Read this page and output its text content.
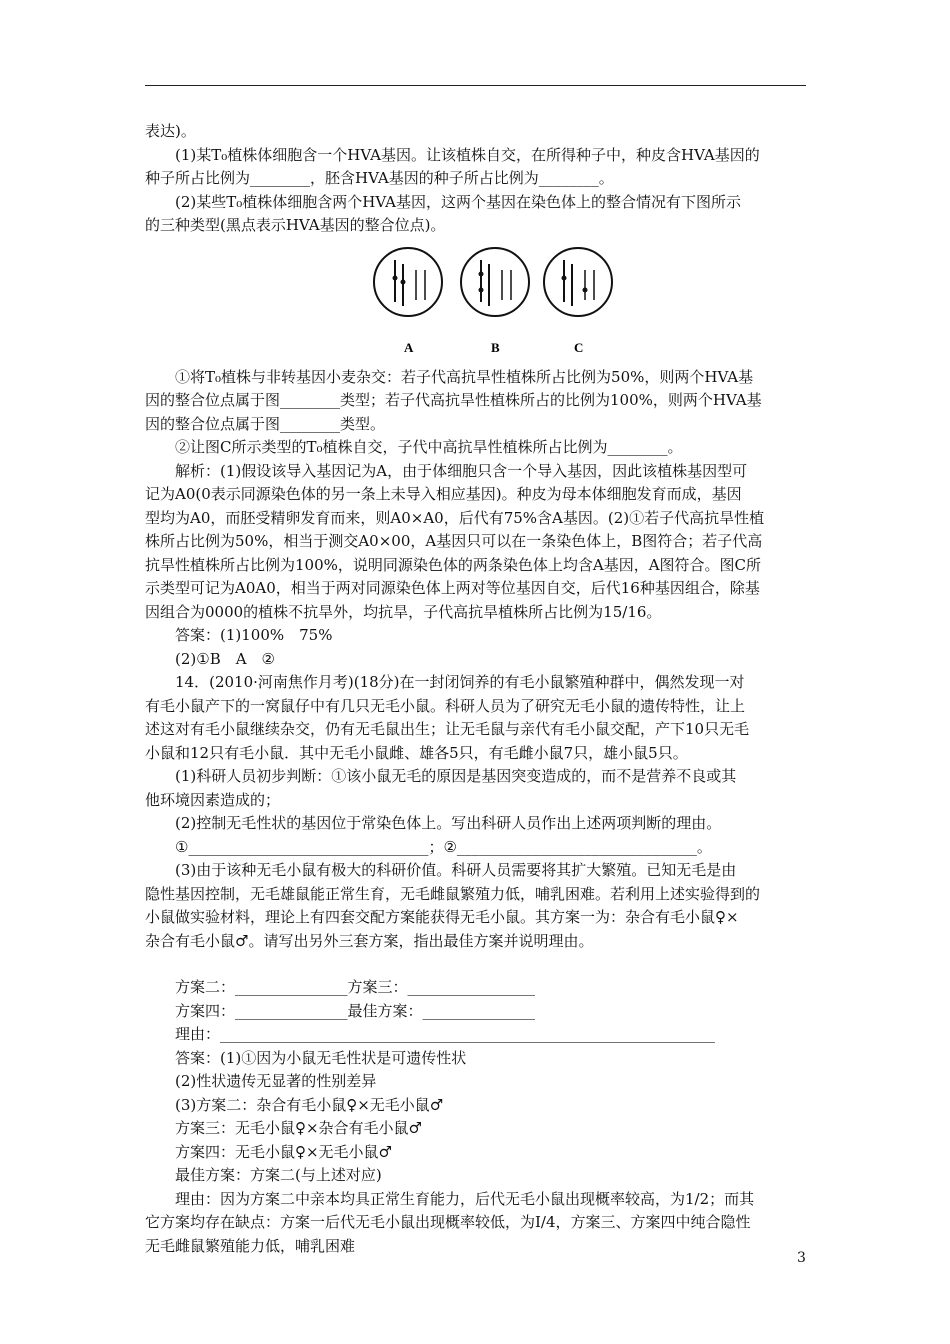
表达)。
(1)某T₀植株体细胞含一个HVA基因。让该植株自交，在所得种子中，种皮含HVA基因的
种子所占比例为________，胚含HVA基因的种子所占比例为________。
(2)某些T₀植株体细胞含两个HVA基因，这两个基因在染色体上的整合情况有下图所示
的三种类型(黑点表示HVA基因的整合位点)。
A	B	C
①将T₀植株与非转基因小麦杂交：若子代高抗旱性植株所占比例为50%，则两个HVA基
因的整合位点属于图________类型；若子代高抗旱性植株所占的比例为100%，则两个HVA基
因的整合位点属于图________类型。
②让图C所示类型的T₀植株自交，子代中高抗旱性植株所占比例为________。
解析：(1)假设该导入基因记为A，由于体细胞只含一个导入基因，因此该植株基因型可
记为A0(0表示同源染色体的另一条上未导入相应基因)。种皮为母本体细胞发育而成，基因
型均为A0，而胚受精卵发育而来，则A0×A0，后代有75%含A基因。(2)①若子代高抗旱性植
株所占比例为50%，相当于测交A0×00，A基因只可以在一条染色体上，B图符合；若子代高
抗旱性植株所占比例为100%，说明同源染色体的两条染色体上均含A基因，A图符合。图C所
示类型可记为A0A0，相当于两对同源染色体上两对等位基因自交，后代16种基因组合，除基
因组合为0000的植株不抗旱外，均抗旱，子代高抗旱植株所占比例为15/16。
答案：(1)100%　75%
(2)①B　A　②
14．(2010·河南焦作月考)(18分)在一封闭饲养的有毛小鼠繁殖种群中，偶然发现一对
有毛小鼠产下的一窝鼠仔中有几只无毛小鼠。科研人员为了研究无毛小鼠的遗传特性，让上
述这对有毛小鼠继续杂交，仍有无毛鼠出生；让无毛鼠与亲代有毛小鼠交配，产下10只无毛
小鼠和12只有毛小鼠．其中无毛小鼠雌、雄各5只，有毛雌小鼠7只，雄小鼠5只。
(1)科研人员初步判断：①该小鼠无毛的原因是基因突变造成的，而不是营养不良或其
他环境因素造成的；
(2)控制无毛性状的基因位于常染色体上。写出科研人员作出上述两项判断的理由。
①________________________________；②________________________________。
(3)由于该种无毛小鼠有极大的科研价值。科研人员需要将其扩大繁殖。已知无毛是由
隐性基因控制，无毛雄鼠能正常生育，无毛雌鼠繁殖力低，哺乳困难。若利用上述实验得到的
小鼠做实验材料，理论上有四套交配方案能获得无毛小鼠。其方案一为：杂合有毛小鼠♀×
杂合有毛小鼠♂。请写出另外三套方案，指出最佳方案并说明理由。
方案二：_______________方案三：_________________
方案四：_______________最佳方案：_______________
理由：__________________________________________________________________
答案：(1)①因为小鼠无毛性状是可遗传性状
(2)性状遗传无显著的性别差异
(3)方案二：杂合有毛小鼠♀×无毛小鼠♂
方案三：无毛小鼠♀×杂合有毛小鼠♂
方案四：无毛小鼠♀×无毛小鼠♂
最佳方案：方案二(与上述对应)
理由：因为方案二中亲本均具正常生育能力，后代无毛小鼠出现概率较高，为1/2；而其
它方案均存在缺点：方案一后代无毛小鼠出现概率较低，为I/4，方案三、方案四中纯合隐性
无毛雌鼠繁殖能力低，哺乳困难
3
